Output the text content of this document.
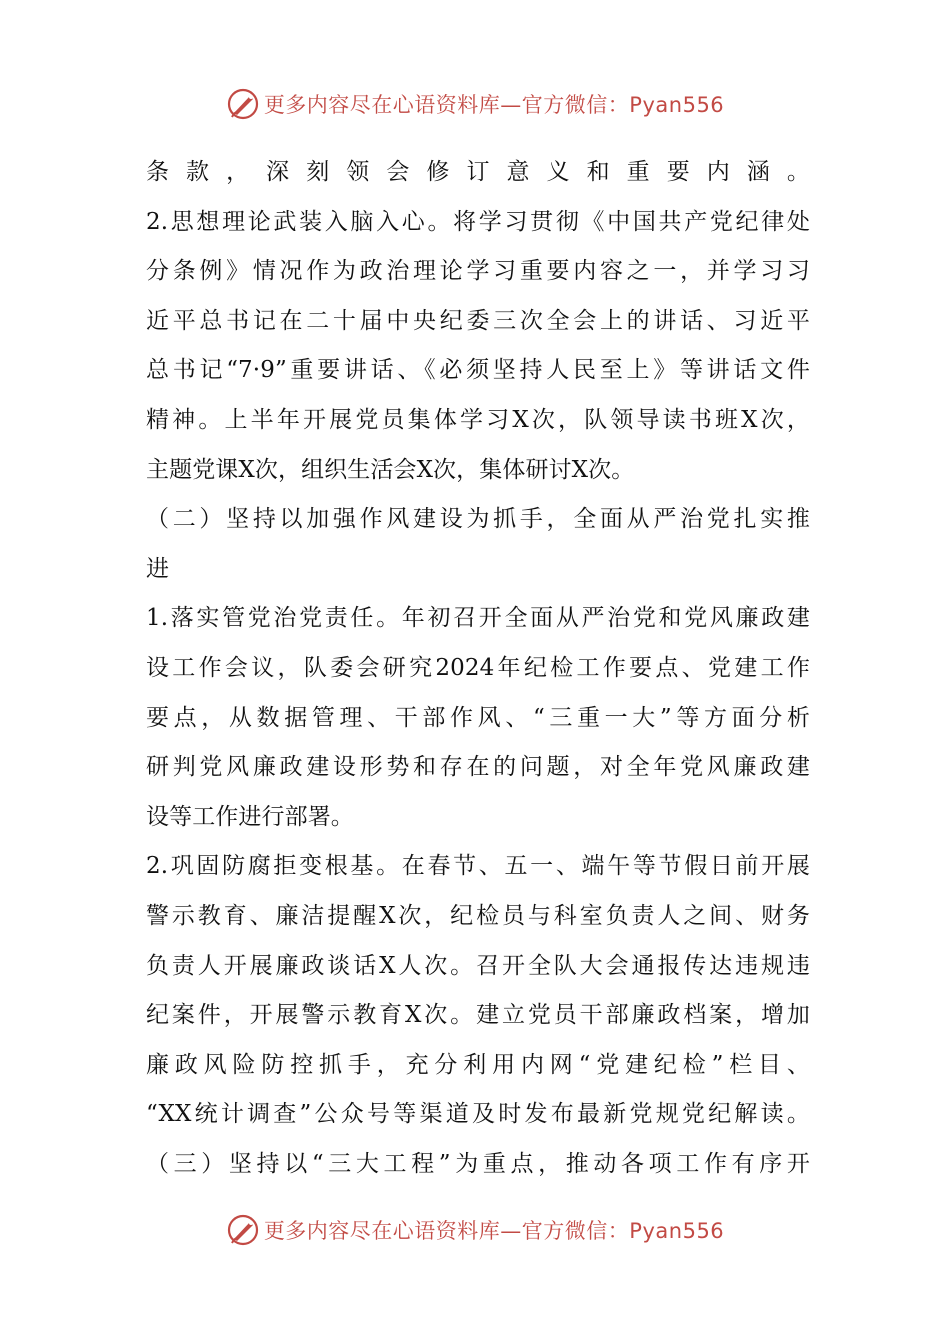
更多内容尽在心语资料库—官方微信：Pyan556
条款，深刻领会修订意义和重要内涵。
2.思想理论武装入脑入心。将学习贯彻《中国共产党纪律处
分条例》情况作为政治理论学习重要内容之一，并学习习
近平总书记在二十届中央纪委三次全会上的讲话、习近平
总书记“7·9”重要讲话、《必须坚持人民至上》等讲话文件
精神。上半年开展党员集体学习X次，队领导读书班X次，
主题党课X次，组织生活会X次，集体研讨X次。
（二）坚持以加强作风建设为抓手，全面从严治党扎实推
进
1.落实管党治党责任。年初召开全面从严治党和党风廉政建
设工作会议，队委会研究2024年纪检工作要点、党建工作
要点，从数据管理、干部作风、“三重一大”等方面分析
研判党风廉政建设形势和存在的问题，对全年党风廉政建
设等工作进行部署。
2.巩固防腐拒变根基。在春节、五一、端午等节假日前开展
警示教育、廉洁提醒X次，纪检员与科室负责人之间、财务
负责人开展廉政谈话X人次。召开全队大会通报传达违规违
纪案件，开展警示教育X次。建立党员干部廉政档案，增加
廉政风险防控抓手，充分利用内网“党建纪检”栏目、
“XX统计调查”公众号等渠道及时发布最新党规党纪解读。
（三）坚持以“三大工程”为重点，推动各项工作有序开
更多内容尽在心语资料库—官方微信：Pyan556
